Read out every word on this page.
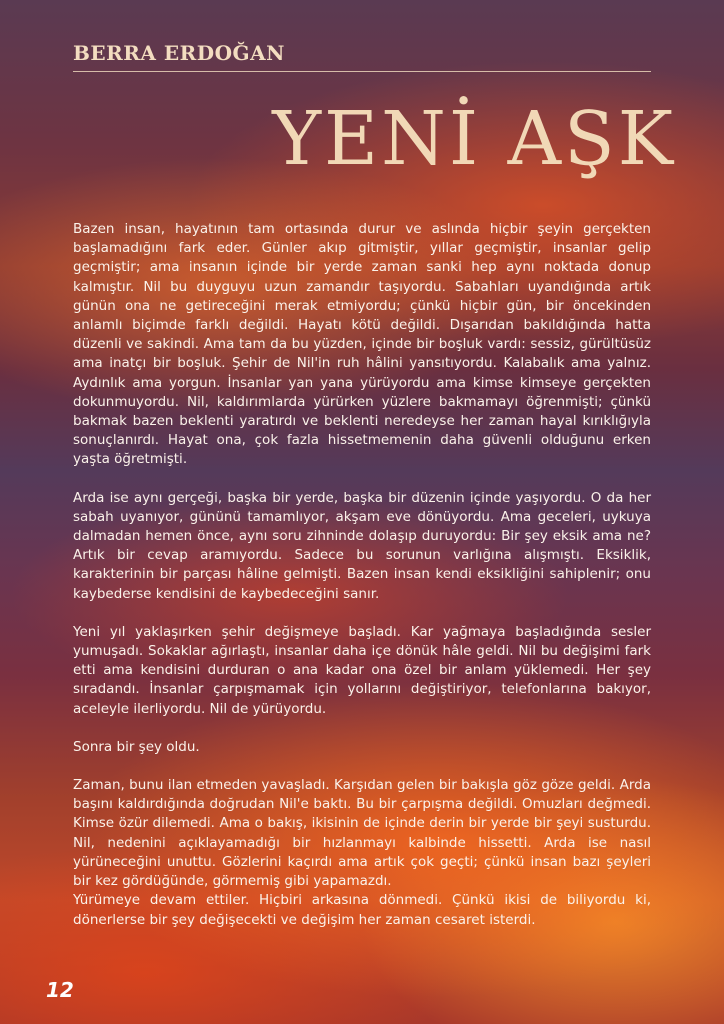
BERRA ERDOĞAN
YENİ AŞK

Bazen insan, hayatının tam ortasında durur ve aslında hiçbir şeyin gerçekten başlamadığını fark eder. Günler akıp gitmiştir, yıllar geçmiştir, insanlar gelip geçmiştir; ama insanın içinde bir yerde zaman sanki hep aynı noktada donup kalmıştır. Nil bu duyguyu uzun zamandır taşıyordu. Sabahları uyandığında artık günün ona ne getireceğini merak etmiyordu; çünkü hiçbir gün, bir öncekinden anlamlı biçimde farklı değildi. Hayatı kötü değildi. Dışarıdan bakıldığında hatta düzenli ve sakindi. Ama tam da bu yüzden, içinde bir boşluk vardı: sessiz, gürültüsüz ama inatçı bir boşluk. Şehir de Nil'in ruh hâlini yansıtıyordu. Kalabalık ama yalnız. Aydınlık ama yorgun. İnsanlar yan yana yürüyordu ama kimse kimseye gerçekten dokunmuyordu. Nil, kaldırımlarda yürürken yüzlere bakmamayı öğrenmişti; çünkü bakmak bazen beklenti yaratırdı ve beklenti neredeyse her zaman hayal kırıklığıyla sonuçlanırdı. Hayat ona, çok fazla hissetmemenin daha güvenli olduğunu erken yaşta öğretmişti.

Arda ise aynı gerçeği, başka bir yerde, başka bir düzenin içinde yaşıyordu. O da her sabah uyanıyor, gününü tamamlıyor, akşam eve dönüyordu. Ama geceleri, uykuya dalmadan hemen önce, aynı soru zihninde dolaşıp duruyordu: Bir şey eksik ama ne? Artık bir cevap aramıyordu. Sadece bu sorunun varlığına alışmıştı. Eksiklik, karakterinin bir parçası hâline gelmişti. Bazen insan kendi eksikliğini sahiplenir; onu kaybederse kendisini de kaybedeceğini sanır.

Yeni yıl yaklaşırken şehir değişmeye başladı. Kar yağmaya başladığında sesler yumuşadı. Sokaklar ağırlaştı, insanlar daha içe dönük hâle geldi. Nil bu değişimi fark etti ama kendisini durduran o ana kadar ona özel bir anlam yüklemedi. Her şey sıradandı. İnsanlar çarpışmamak için yollarını değiştiriyor, telefonlarına bakıyor, aceleyle ilerliyordu. Nil de yürüyordu.

Sonra bir şey oldu.

Zaman, bunu ilan etmeden yavaşladı. Karşıdan gelen bir bakışla göz göze geldi. Arda başını kaldırdığında doğrudan Nil'e baktı. Bu bir çarpışma değildi. Omuzları değmedi. Kimse özür dilemedi. Ama o bakış, ikisinin de içinde derin bir yerde bir şeyi susturdu. Nil, nedenini açıklayamadığı bir hızlanmayı kalbinde hissetti. Arda ise nasıl yürüneceğini unuttu. Gözlerini kaçırdı ama artık çok geçti; çünkü insan bazı şeyleri bir kez gördüğünde, görmemiş gibi yapamazdı.

Yürümeye devam ettiler. Hiçbiri arkasına dönmedi. Çünkü ikisi de biliyordu ki, dönerlerse bir şey değişecekti ve değişim her zaman cesaret isterdi.

12
